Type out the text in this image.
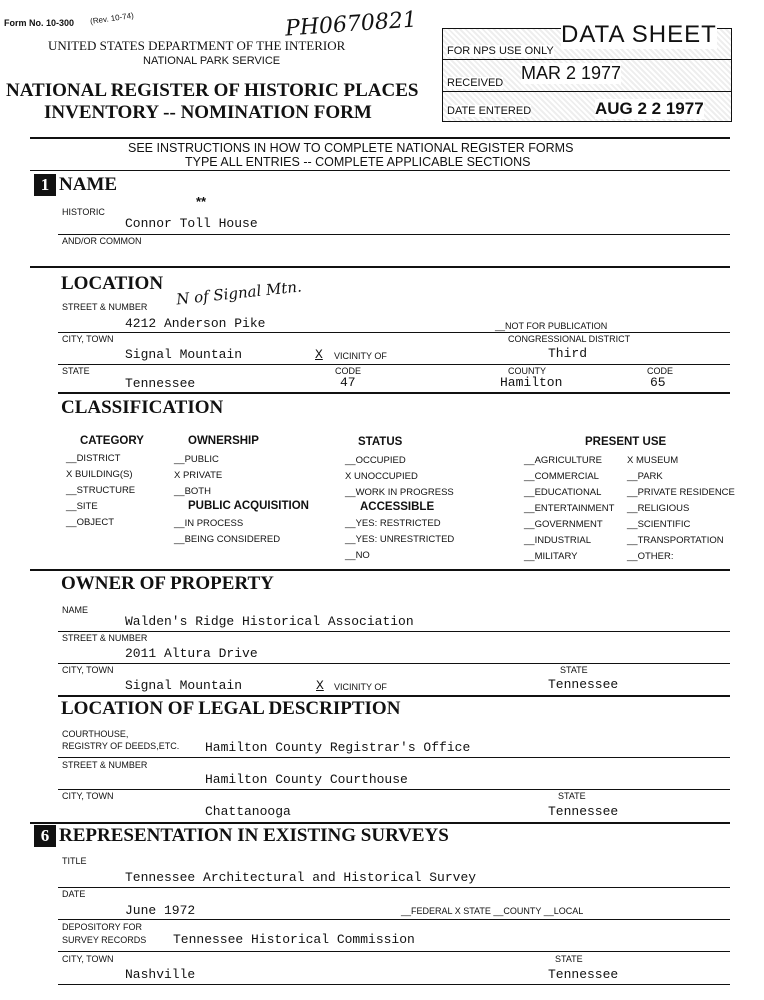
Form No. 10-300 (Rev. 10-74)	PH0670821
UNITED STATES DEPARTMENT OF THE INTERIOR
NATIONAL PARK SERVICE
NATIONAL REGISTER OF HISTORIC PLACES
INVENTORY -- NOMINATION FORM
DATA SHEET
FOR NPS USE ONLY
RECEIVED MAR 2 1977
DATE ENTERED	AUG 2 2 1977
SEE INSTRUCTIONS IN HOW TO COMPLETE NATIONAL REGISTER FORMS
TYPE ALL ENTRIES -- COMPLETE APPLICABLE SECTIONS
1 NAME
**
HISTORIC
Connor Toll House
AND/OR COMMON
LOCATION N of Signal Mtn.
STREET & NUMBER
4212 Anderson Pike	__NOT FOR PUBLICATION
CITY, TOWN	CONGRESSIONAL DISTRICT
Signal Mountain	X VICINITY OF	Third
STATE	CODE	COUNTY	CODE
Tennessee	47	Hamilton	65
CLASSIFICATION
CATEGORY
__DISTRICT
X BUILDING(S)
__STRUCTURE
__SITE
__OBJECT
OWNERSHIP
__PUBLIC
X PRIVATE
__BOTH
PUBLIC ACQUISITION
__IN PROCESS
__BEING CONSIDERED
STATUS
__OCCUPIED
X UNOCCUPIED
__WORK IN PROGRESS
ACCESSIBLE
__YES: RESTRICTED
__YES: UNRESTRICTED
__NO
PRESENT USE
__AGRICULTURE
__COMMERCIAL
__EDUCATIONAL
__ENTERTAINMENT
__GOVERNMENT
__INDUSTRIAL
__MILITARY
X MUSEUM
__PARK
__PRIVATE RESIDENCE
__RELIGIOUS
__SCIENTIFIC
__TRANSPORTATION
__OTHER:
OWNER OF PROPERTY
NAME
Walden's Ridge Historical Association
STREET & NUMBER
2011 Altura Drive
CITY, TOWN	STATE
Signal Mountain	X VICINITY OF	Tennessee
LOCATION OF LEGAL DESCRIPTION
COURTHOUSE,
REGISTRY OF DEEDS,ETC. Hamilton County Registrar's Office
STREET & NUMBER
Hamilton County Courthouse
CITY, TOWN	STATE
Chattanooga	Tennessee
6 REPRESENTATION IN EXISTING SURVEYS
TITLE
Tennessee Architectural and Historical Survey
DATE
June 1972	__FEDERAL X STATE __COUNTY __LOCAL
DEPOSITORY FOR
SURVEY RECORDS Tennessee Historical Commission
CITY, TOWN	STATE
Nashville	Tennessee
